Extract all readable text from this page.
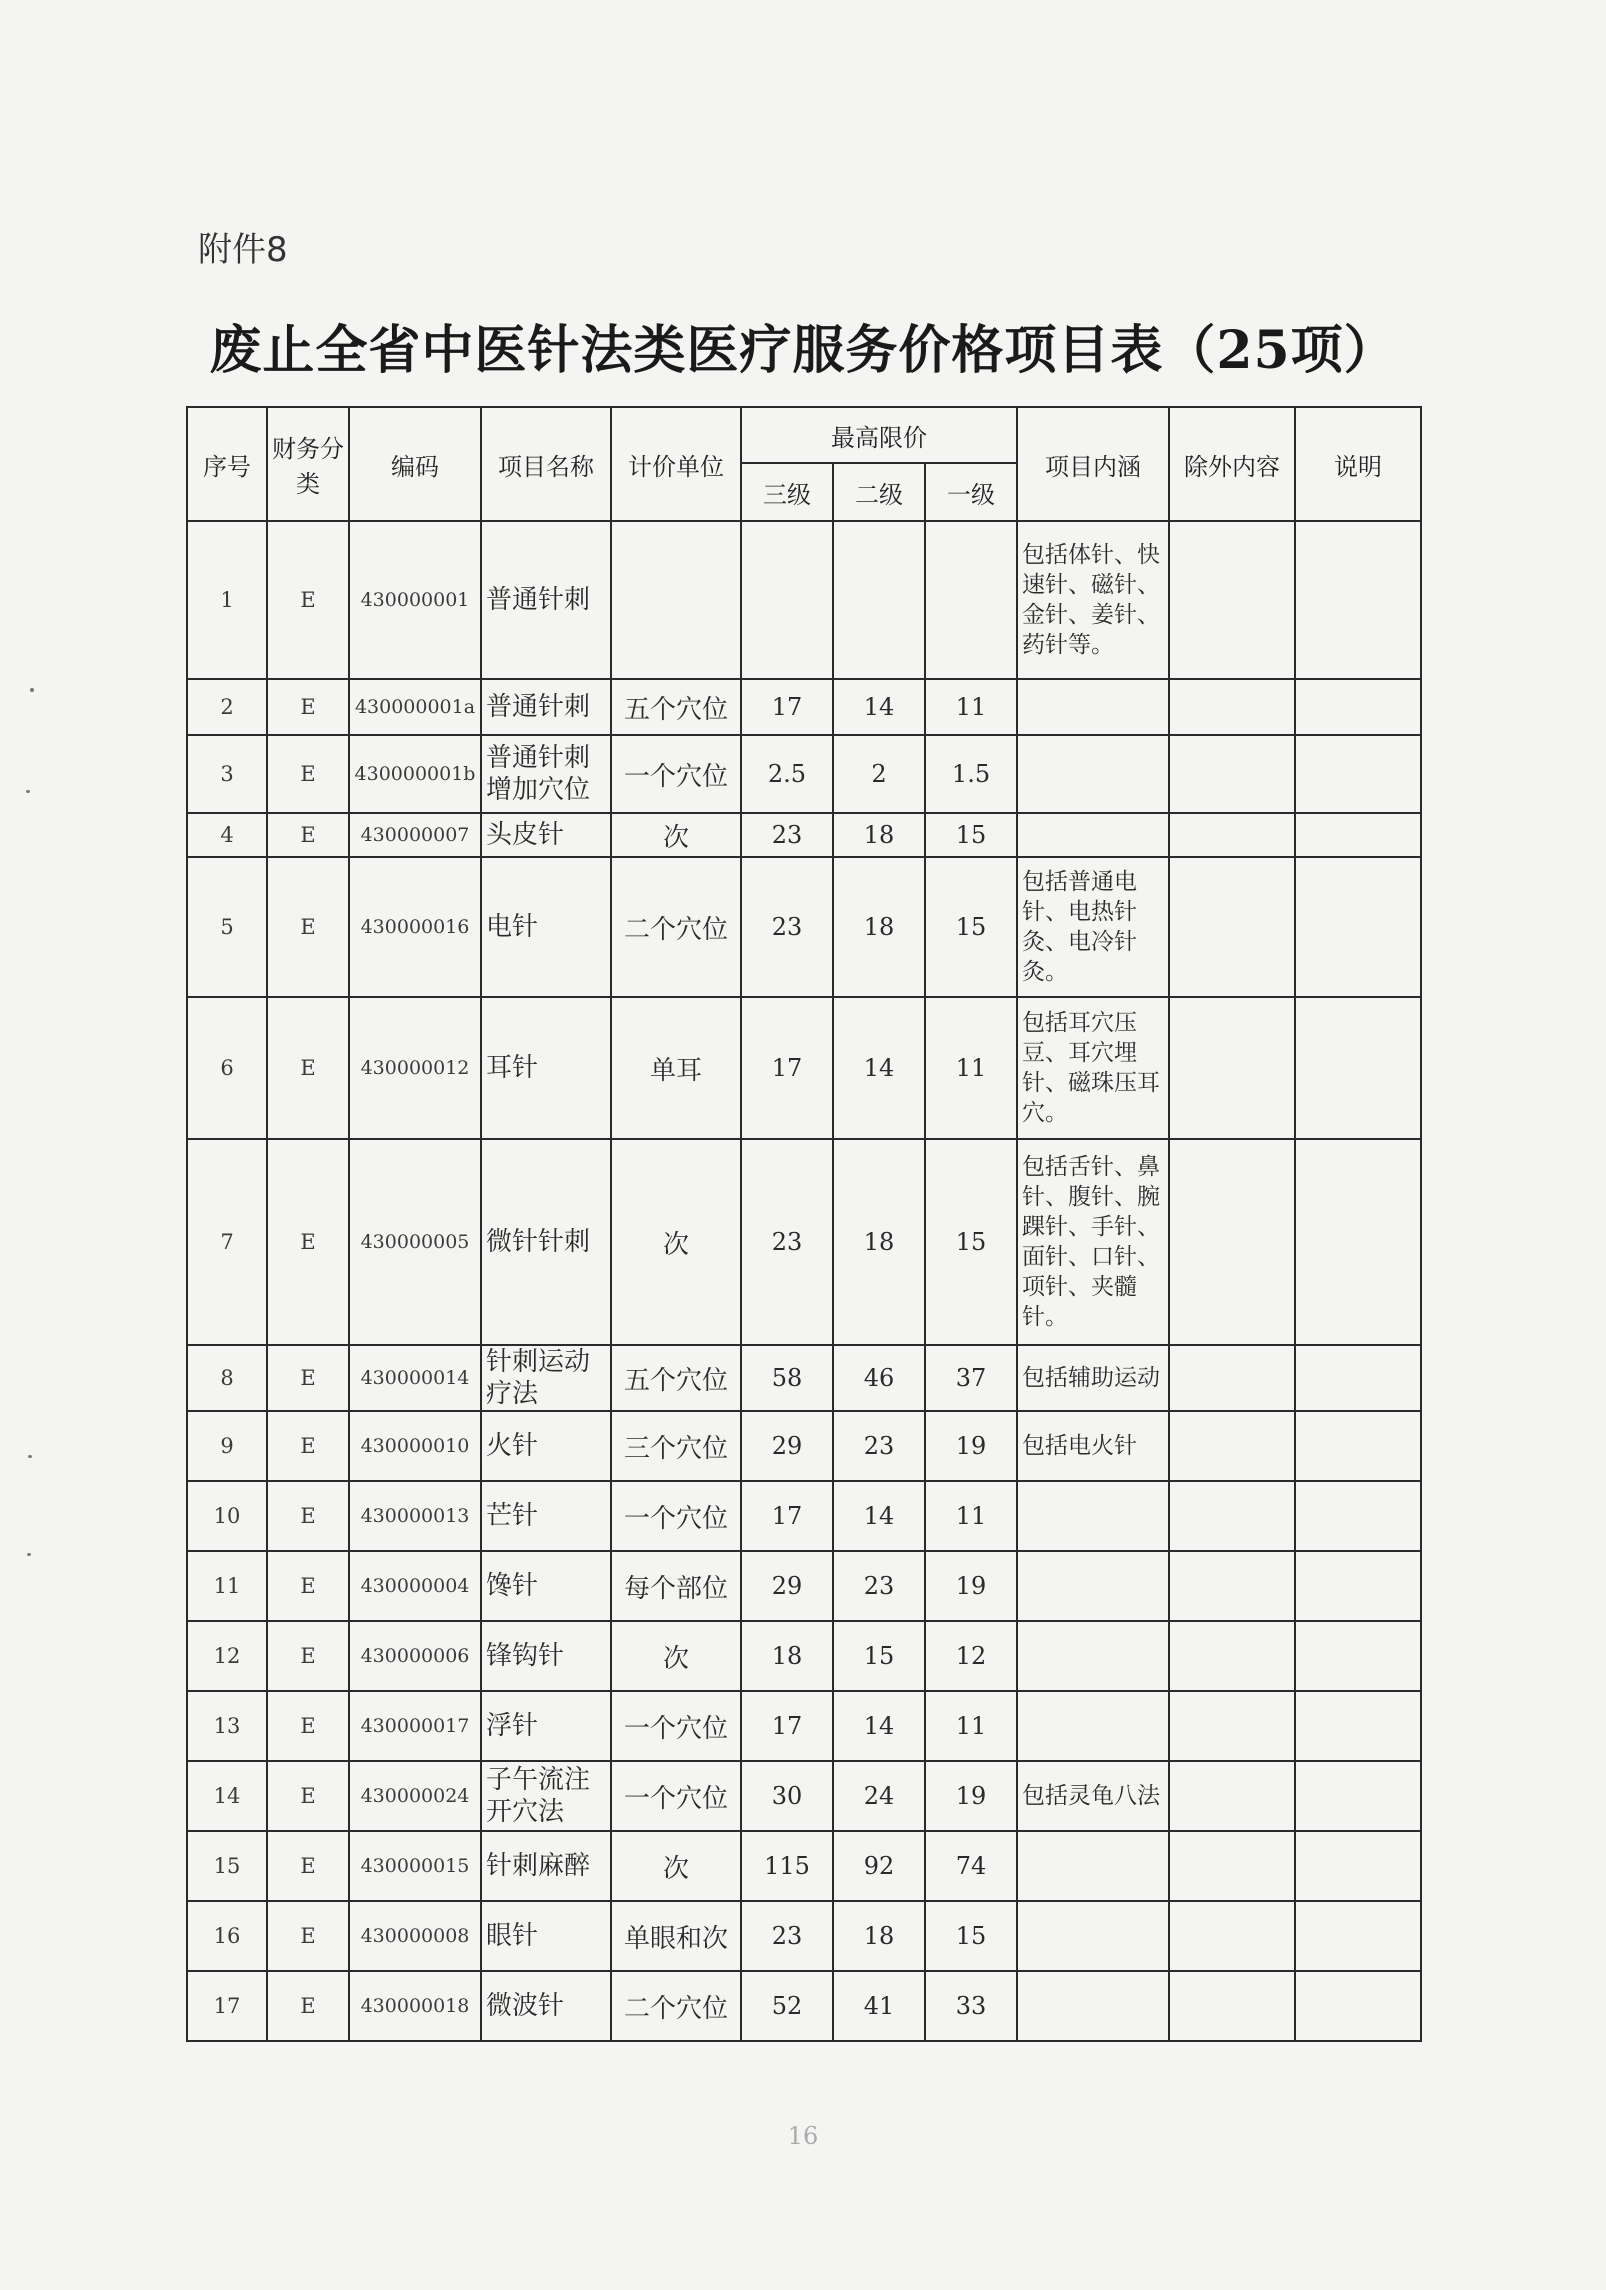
附件8
废止全省中医针法类医疗服务价格项目表（25项）
序号	财务分类	编码	项目名称	计价单位	最高限价			项目内涵	除外内容	说明
					三级	二级	一级			
1	E	430000001	普通针刺					包括体针、快速针、磁针、金针、姜针、药针等。		
2	E	430000001a	普通针刺	五个穴位	17	14	11			
3	E	430000001b	普通针刺增加穴位	一个穴位	2.5	2	1.5			
4	E	430000007	头皮针	次	23	18	15			
5	E	430000016	电针	二个穴位	23	18	15	包括普通电针、电热针灸、电冷针灸。		
6	E	430000012	耳针	单耳	17	14	11	包括耳穴压豆、耳穴埋针、磁珠压耳穴。		
7	E	430000005	微针针刺	次	23	18	15	包括舌针、鼻针、腹针、腕踝针、手针、面针、口针、项针、夹髓针。		
8	E	430000014	针刺运动疗法	五个穴位	58	46	37	包括辅助运动		
9	E	430000010	火针	三个穴位	29	23	19	包括电火针		
10	E	430000013	芒针	一个穴位	17	14	11			
11	E	430000004	馋针	每个部位	29	23	19			
12	E	430000006	锋钩针	次	18	15	12			
13	E	430000017	浮针	一个穴位	17	14	11			
14	E	430000024	子午流注开穴法	一个穴位	30	24	19	包括灵龟八法		
15	E	430000015	针刺麻醉	次	115	92	74			
16	E	430000008	眼针	单眼和次	23	18	15			
17	E	430000018	微波针	二个穴位	52	41	33			
16
